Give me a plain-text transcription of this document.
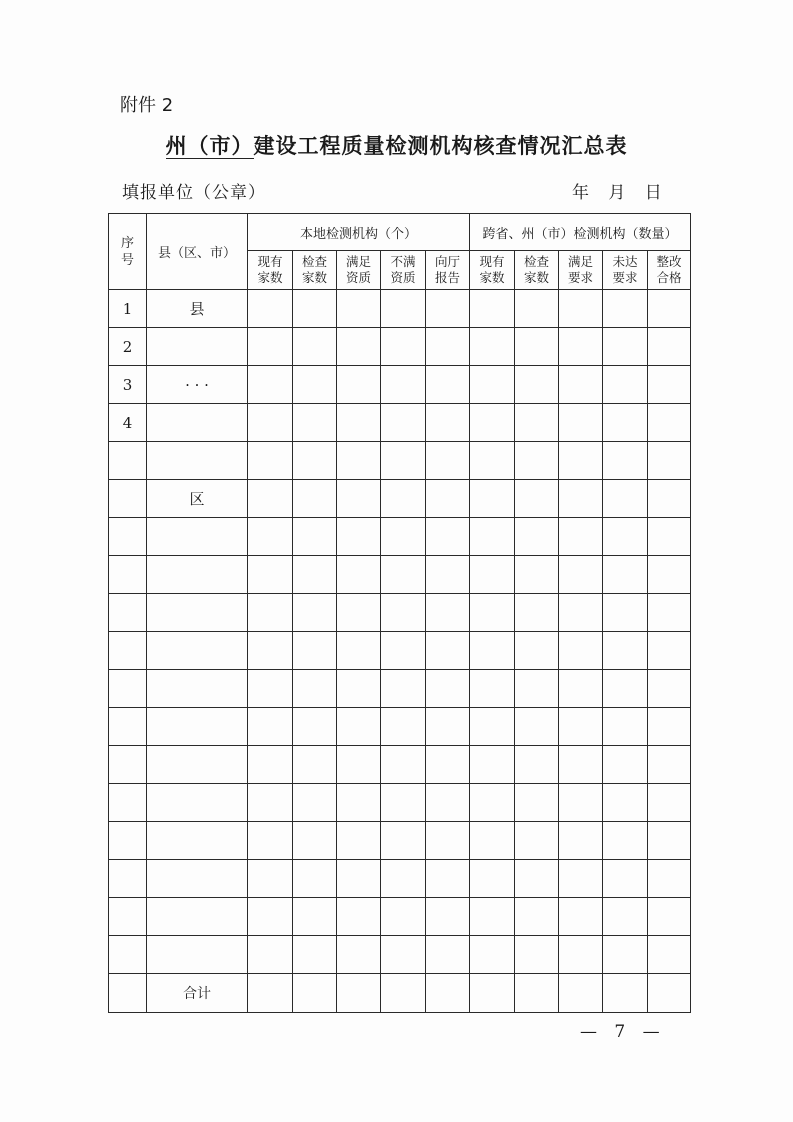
附件 2
州（市）建设工程质量检测机构核查情况汇总表
填报单位（公章）	年 月 日
序号	县（区、市）	本地检测机构（个）					跨省、州（市）检测机构（数量）				
		现有家数	检查家数	满足资质	不满资质	向厅报告	现有家数	检查家数	满足要求	未达要求	整改合格
1	县										
2											
3	· · ·										
4											

	区										

	合计										
— 7 —
